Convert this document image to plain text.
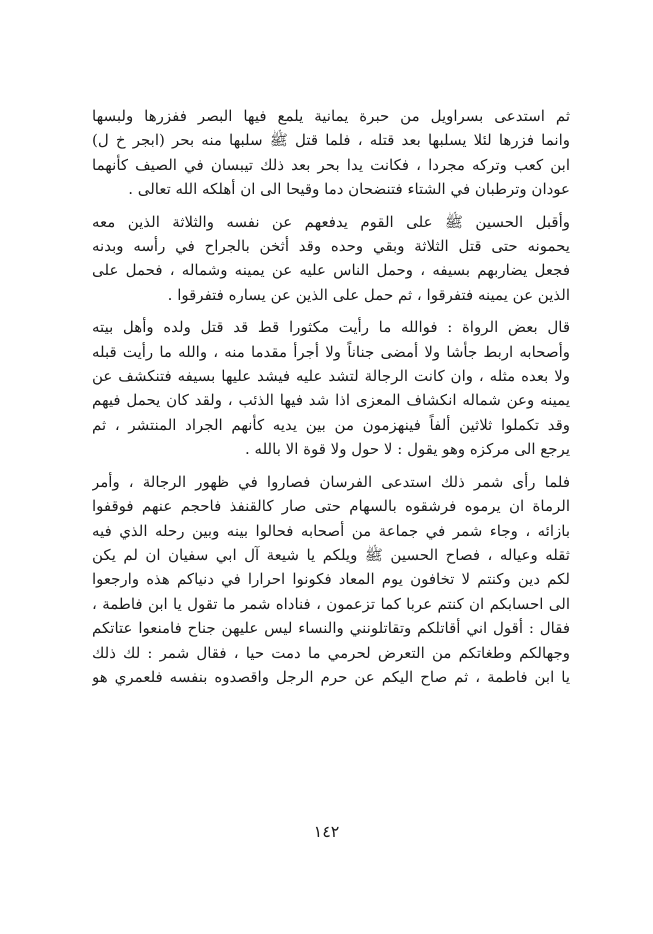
ثم استدعى بسراويل من حبرة يمانية يلمع فيها البصر ففزرها ولبسها
وانما فزرها لئلا يسلبها بعد قتله ، فلما قتل ﷺ سلبها منه بحر (ابجر خ ل)
ابن كعب وتركه مجردا ، فكانت يدا بحر بعد ذلك تيبسان في الصيف كأنهما
عودان وترطبان في الشتاء فتنضحان دما وقيحا الى ان أهلكه الله تعالى .

وأقبل الحسين ﷺ على القوم يدفعهم عن نفسه والثلاثة الذين معه
يحمونه حتى قتل الثلاثة وبقي وحده وقد أثخن بالجراح في رأسه وبدنه
فجعل يضاربهم بسيفه ، وحمل الناس عليه عن يمينه وشماله ، فحمل على
الذين عن يمينه فتفرقوا ، ثم حمل على الذين عن يساره فتفرقوا .

قال بعض الرواة : فوالله ما رأيت مكثورا قط قد قتل ولده وأهل بيته
وأصحابه اربط جأشا ولا أمضى جناناً ولا أجرأ مقدما منه ، والله ما رأيت قبله
ولا بعده مثله ، وان كانت الرجالة لتشد عليه فيشد عليها بسيفه فتنكشف عن
يمينه وعن شماله انكشاف المعزى اذا شد فيها الذئب ، ولقد كان يحمل فيهم
وقد تكملوا ثلاثين ألفاً فينهزمون من بين يديه كأنهم الجراد المنتشر ، ثم
يرجع الى مركزه وهو يقول : لا حول ولا قوة الا بالله .

فلما رأى شمر ذلك استدعى الفرسان فصاروا في ظهور الرجالة ، وأمر
الرماة ان يرموه فرشقوه بالسهام حتى صار كالقنفذ فاحجم عنهم فوقفوا
بازائه ، وجاء شمر في جماعة من أصحابه فحالوا بينه وبين رحله الذي فيه
ثقله وعياله ، فصاح الحسين ﷺ ويلكم يا شيعة آل ابي سفيان ان لم يكن
لكم دين وكنتم لا تخافون يوم المعاد فكونوا احرارا في دنياكم هذه وارجعوا
الى احسابكم ان كنتم عربا كما تزعمون ، فناداه شمر ما تقول يا ابن فاطمة ،
فقال : أقول اني أقاتلكم وتقاتلونني والنساء ليس عليهن جناح فامنعوا عتاتكم
وجهالكم وطغاتكم من التعرض لحرمي ما دمت حيا ، فقال شمر : لك ذلك
يا ابن فاطمة ، ثم صاح اليكم عن حرم الرجل واقصدوه بنفسه فلعمري هو

١٤٢
